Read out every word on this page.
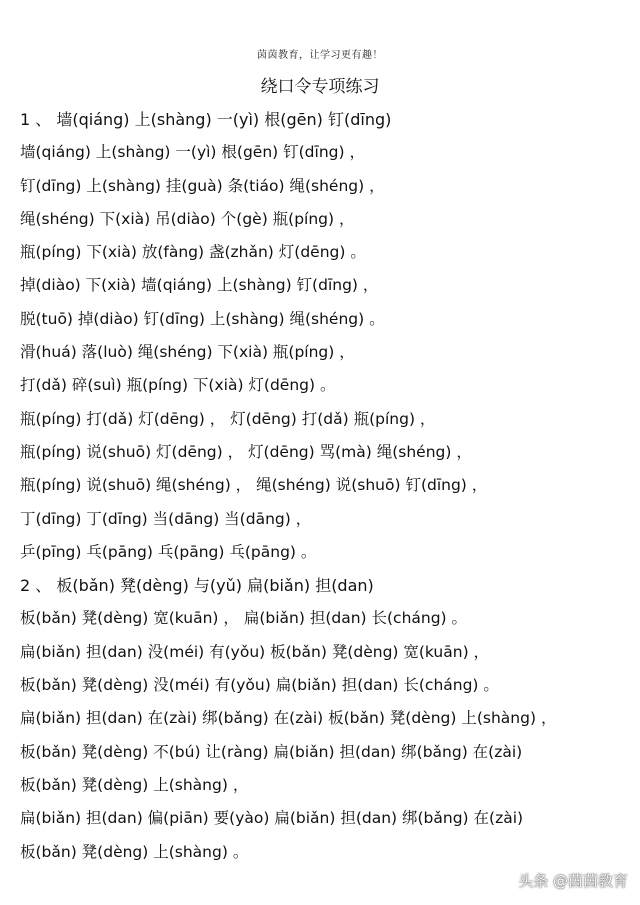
茵茵教育，让学习更有趣！
绕口令专项练习
1 、 墙(qiáng) 上(shàng) 一(yì) 根(gēn) 钉(dīng)
墙(qiáng) 上(shàng) 一(yì) 根(gēn) 钉(dīng) ，
钉(dīng) 上(shàng) 挂(guà) 条(tiáo) 绳(shéng) ，
绳(shéng) 下(xià) 吊(diào) 个(gè) 瓶(píng) ，
瓶(píng) 下(xià) 放(fàng) 盏(zhǎn) 灯(dēng) 。
掉(diào) 下(xià) 墙(qiáng) 上(shàng) 钉(dīng) ，
脱(tuō) 掉(diào) 钉(dīng) 上(shàng) 绳(shéng) 。
滑(huá) 落(luò) 绳(shéng) 下(xià) 瓶(píng) ，
打(dǎ) 碎(suì) 瓶(píng) 下(xià) 灯(dēng) 。
瓶(píng) 打(dǎ) 灯(dēng) ， 灯(dēng) 打(dǎ) 瓶(píng) ，
瓶(píng) 说(shuō) 灯(dēng) ， 灯(dēng) 骂(mà) 绳(shéng) ，
瓶(píng) 说(shuō) 绳(shéng) ， 绳(shéng) 说(shuō) 钉(dīng) ，
丁(dīng) 丁(dīng) 当(dāng) 当(dāng) ，
乒(pīng) 乓(pāng) 乓(pāng) 乓(pāng) 。
2 、 板(bǎn) 凳(dèng) 与(yǔ) 扁(biǎn) 担(dan)
板(bǎn) 凳(dèng) 宽(kuān) ， 扁(biǎn) 担(dan) 长(cháng) 。
扁(biǎn) 担(dan) 没(méi) 有(yǒu) 板(bǎn) 凳(dèng) 宽(kuān) ，
板(bǎn) 凳(dèng) 没(méi) 有(yǒu) 扁(biǎn) 担(dan) 长(cháng) 。
扁(biǎn) 担(dan) 在(zài) 绑(bǎng) 在(zài) 板(bǎn) 凳(dèng) 上(shàng) ，
板(bǎn) 凳(dèng) 不(bú) 让(ràng) 扁(biǎn) 担(dan) 绑(bǎng) 在(zài)
板(bǎn) 凳(dèng) 上(shàng) ，
扁(biǎn) 担(dan) 偏(piān) 要(yào) 扁(biǎn) 担(dan) 绑(bǎng) 在(zài)
板(bǎn) 凳(dèng) 上(shàng) 。
头条 @茵茵教育
